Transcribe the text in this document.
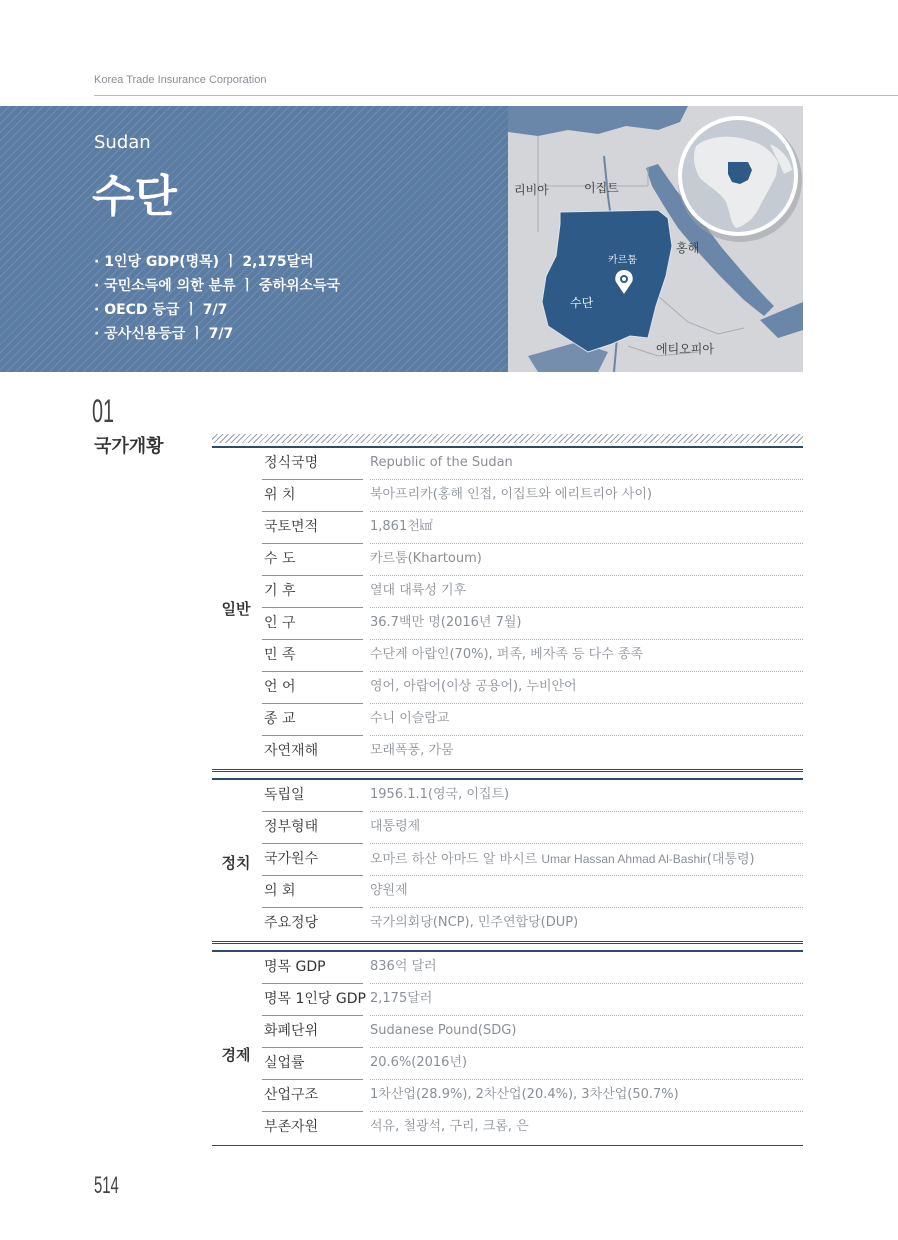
Korea Trade Insurance Corporation
Sudan
수단
· 1인당 GDP(명목) ㅣ 2,175달러
· 국민소득에 의한 분류 ㅣ 중하위소득국
· OECD 등급 ㅣ 7/7
· 공사신용등급 ㅣ 7/7
리비아	이집트
홍해
카르툼
수단
에티오피아
01
국가개황
일반
정식국명	Republic of the Sudan
위 치	북아프리카(홍해 인접, 이집트와 에리트리아 사이)
국토면적	1,861천㎢
수 도	카르툼(Khartoum)
기 후	열대 대륙성 기후
인 구	36.7백만 명(2016년 7월)
민 족	수단계 아랍인(70%), 퍼족, 베자족 등 다수 종족
언 어	영어, 아랍어(이상 공용어), 누비안어
종 교	수니 이슬람교
자연재해	모래폭풍, 가뭄
정치
독립일	1956.1.1(영국, 이집트)
정부형태	대통령제
국가원수	오마르 하산 아마드 알 바시르 Umar Hassan Ahmad Al-Bashir(대통령)
의 회	양원제
주요정당	국가의회당(NCP), 민주연합당(DUP)
경제
명목 GDP	836억 달러
명목 1인당 GDP 2,175달러
화폐단위	Sudanese Pound(SDG)
실업률	20.6%(2016년)
산업구조	1차산업(28.9%), 2차산업(20.4%), 3차산업(50.7%)
부존자원	석유, 철광석, 구리, 크롬, 은
514
